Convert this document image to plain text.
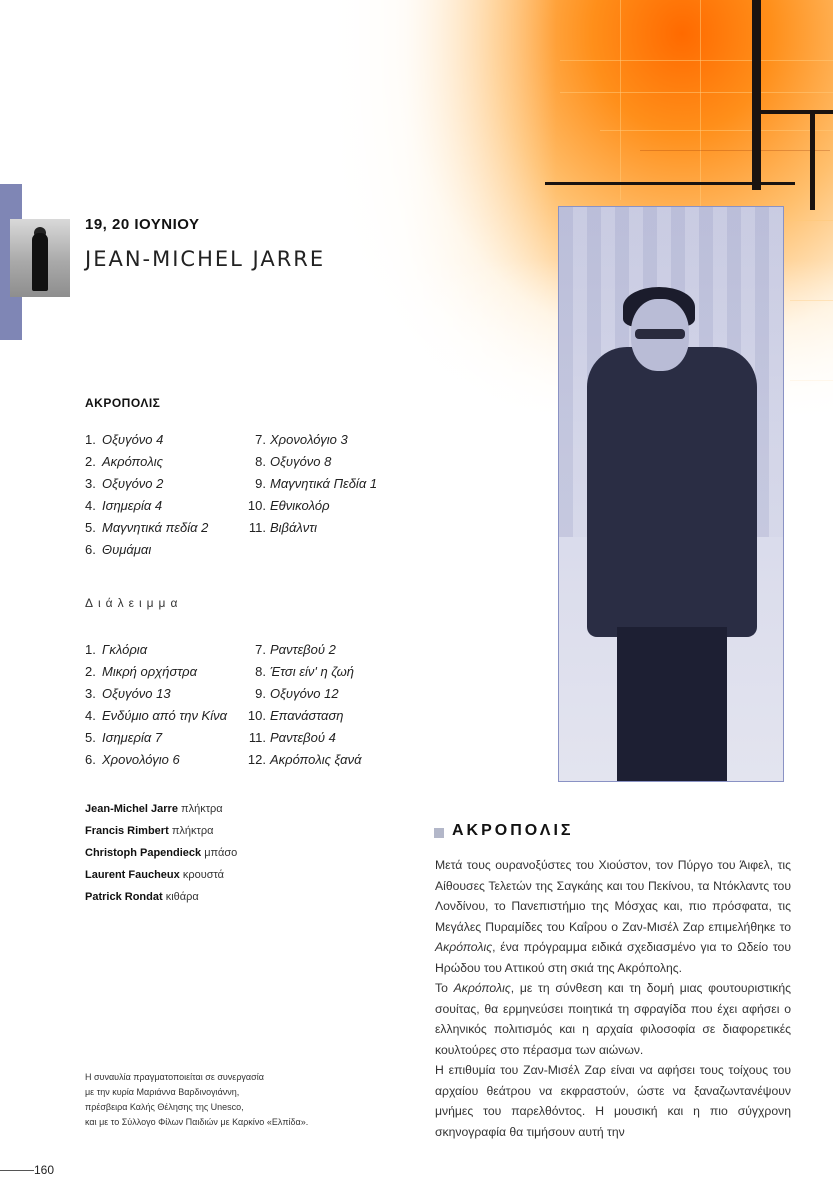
19, 20 ΙΟΥΝΙΟΥ
JEAN-MICHEL JARRE
ΑΚΡΟΠΟΛΙΣ
1. Οξυγόνο 4
2. Ακρόπολις
3. Οξυγόνο 2
4. Ισημερία 4
5. Μαγνητικά πεδία 2
6. Θυμάμαι
7. Χρονολόγιο 3
8. Οξυγόνο 8
9. Μαγνητικά Πεδία 1
10. Εθνικολόρ
11. Βιβάλντι
Διάλειμμα
1. Γκλόρια
2. Μικρή ορχήστρα
3. Οξυγόνο 13
4. Ενδύμιο από την Κίνα
5. Ισημερία 7
6. Χρονολόγιο 6
7. Ραντεβού 2
8. Έτσι είν' η ζωή
9. Οξυγόνο 12
10. Επανάσταση
11. Ραντεβού 4
12. Ακρόπολις ξανά
Jean-Michel Jarre πλήκτρα
Francis Rimbert πλήκτρα
Christoph Papendieck μπάσο
Laurent Faucheux κρουστά
Patrick Rondat κιθάρα
Η συναυλία πραγματοποιείται σε συνεργασία
με την κυρία Μαριάννα Βαρδινογιάννη,
πρέσβειρα Καλής Θέλησης της Unesco,
και με το Σύλλογο Φίλων Παιδιών με Καρκίνο «Ελπίδα».
160
ΑΚΡΟΠΟΛΙΣ

Μετά τους ουρανοξύστες του Χιούστον, τον Πύργο του Άιφελ, τις Αίθουσες Τελετών της Σαγκάης και του Πεκίνου, τα Ντόκλαντς του Λονδίνου, το Πανεπιστήμιο της Μόσχας και, πιο πρόσφατα, τις Μεγάλες Πυραμίδες του Καΐρου ο Ζαν-Μισέλ Ζαρ επιμελήθηκε το Ακρόπολις, ένα πρόγραμμα ειδικά σχεδιασμένο για το Ωδείο του Ηρώδου του Αττικού στη σκιά της Ακρόπολης.

Το Ακρόπολις, με τη σύνθεση και τη δομή μιας φουτουριστικής σουίτας, θα ερμηνεύσει ποιητικά τη σφραγίδα που έχει αφήσει ο ελληνικός πολιτισμός και η αρχαία φιλοσοφία σε διαφορετικές κουλτούρες στο πέρασμα των αιώνων.

Η επιθυμία του Ζαν-Μισέλ Ζαρ είναι να αφήσει τους τοίχους του αρχαίου θεάτρου να εκφραστούν, ώστε να ξαναζωντανέψουν μνήμες του παρελθόντος. Η μουσική και η πιο σύγχρονη σκηνογραφία θα τιμήσουν αυτή την
